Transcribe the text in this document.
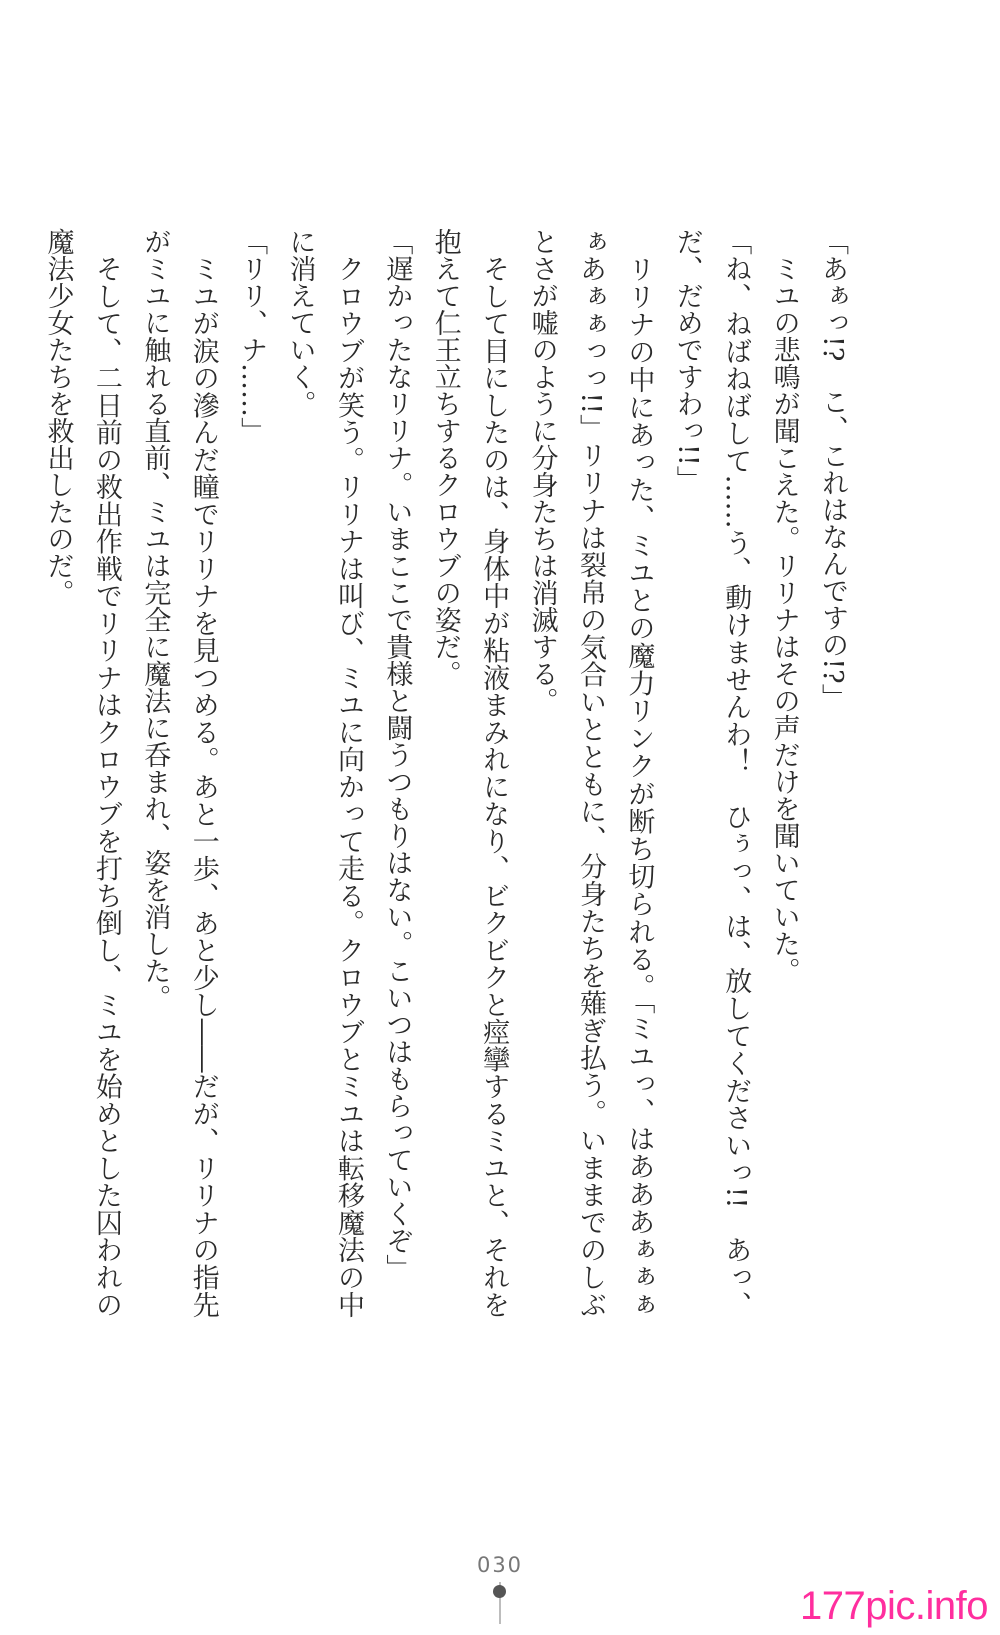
「あぁっ!?　こ、これはなんですの!?」

　ミユの悲鳴が聞こえた。リリナはその声だけを聞いていた。

「ね、ねばねばして……う、動けませんわ！　ひぅっ、は、放してくださいっ!!　あっ、だ、だめですわっ!!」

　リリナの中にあった、ミユとの魔力リンクが断ち切られる。「ミユっ、はあああぁぁぁぁあぁぁっっ!!」リリナは裂帛の気合いとともに、分身たちを薙ぎ払う。いままでのしぶとさが嘘のように分身たちは消滅する。

　そして目にしたのは、身体中が粘液まみれになり、ビクビクと痙攣するミユと、それを抱えて仁王立ちするクロウブの姿だ。

「遅かったなリリナ。いまここで貴様と闘うつもりはない。こいつはもらっていくぞ」

　クロウブが笑う。リリナは叫び、ミユに向かって走る。クロウブとミユは転移魔法の中に消えていく。

「リリ、ナ……」

　ミユが涙の滲んだ瞳でリリナを見つめる。あと一歩、あと少し――だが、リリナの指先がミユに触れる直前、ミユは完全に魔法に呑まれ、姿を消した。

　そして、二日前の救出作戦でリリナはクロウブを打ち倒し、ミユを始めとした囚われの魔法少女たちを救出したのだ。

030
177pic.info
